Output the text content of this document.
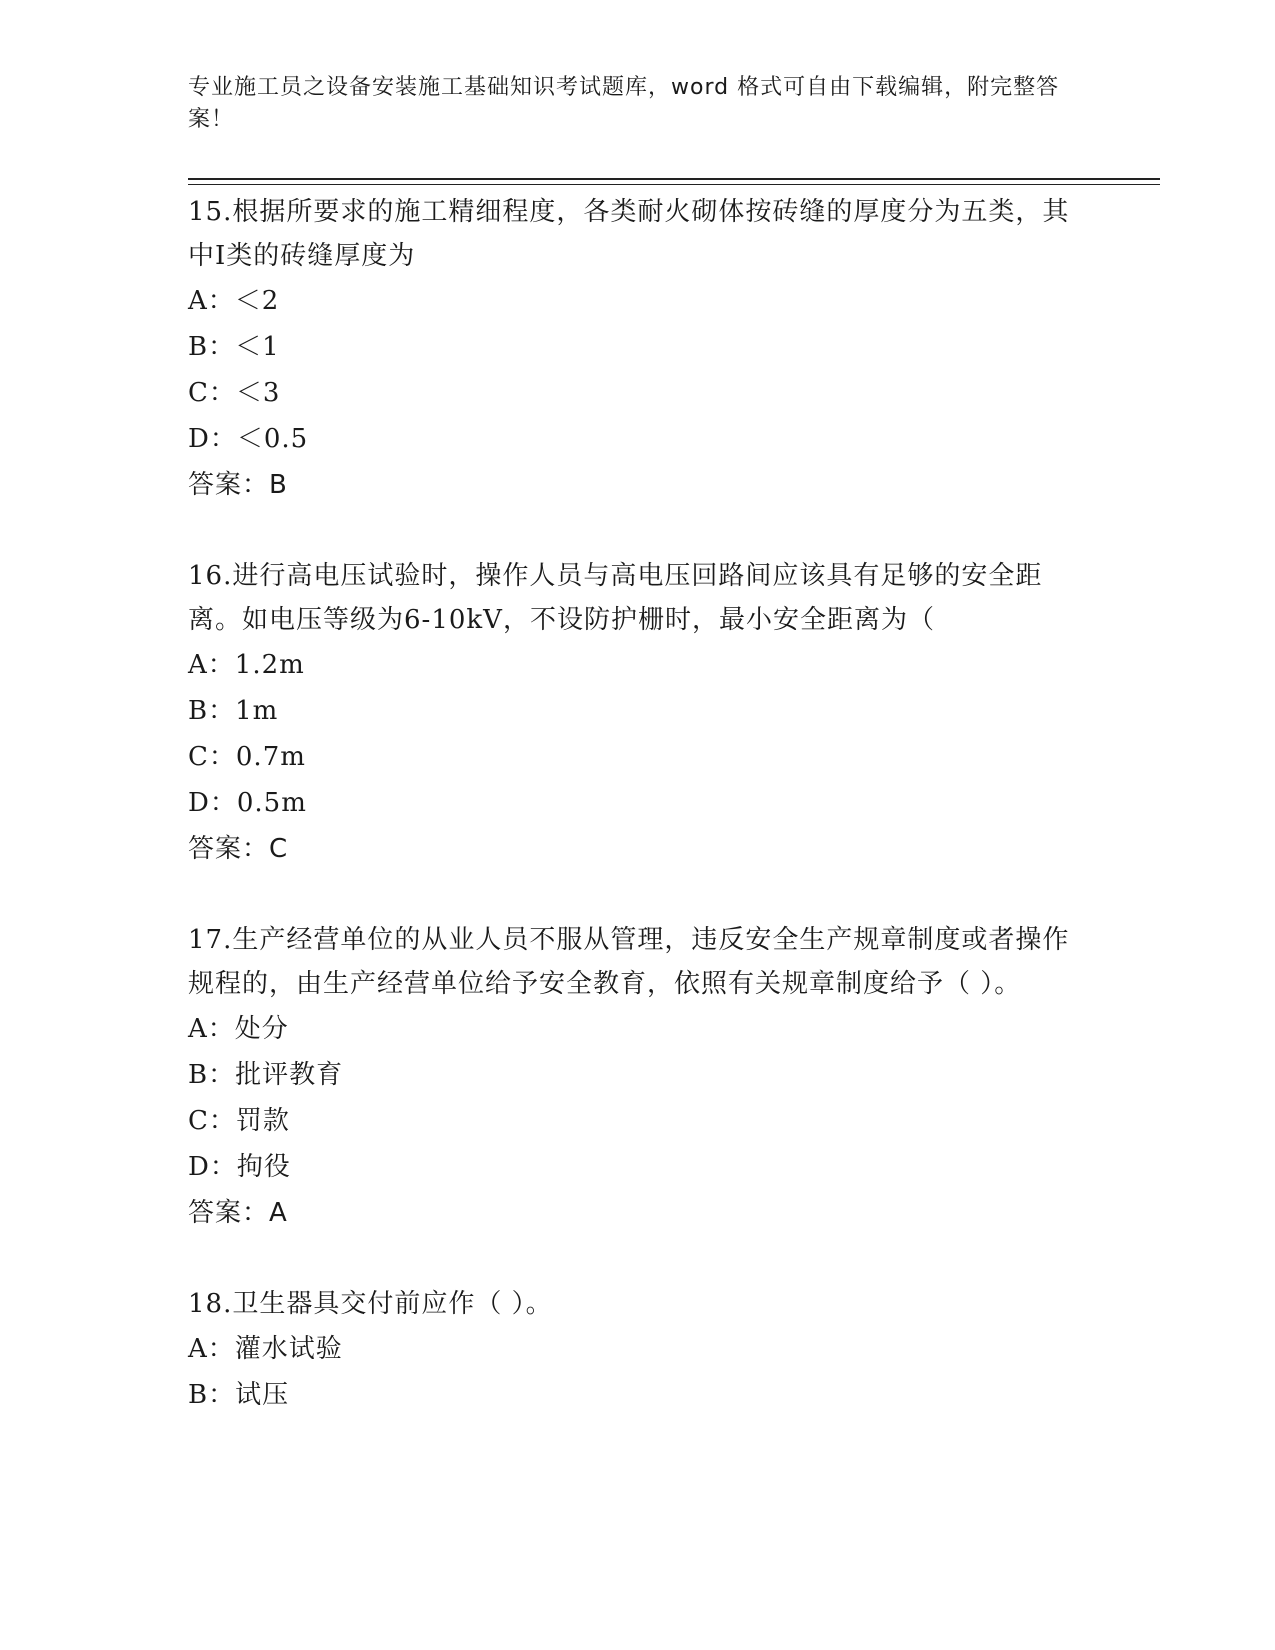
专业施工员之设备安装施工基础知识考试题库，word 格式可自由下载编辑，附完整答案！

15.根据所要求的施工精细程度，各类耐火砌体按砖缝的厚度分为五类，其中Ⅰ类的砖缝厚度为

A：＜2

B：＜1

C：＜3

D：＜0.5

答案：B

16.进行高电压试验时，操作人员与高电压回路间应该具有足够的安全距离。如电压等级为6-10kV，不设防护栅时，最小安全距离为（

A：1.2m

B：1m

C：0.7m

D：0.5m

答案：C

17.生产经营单位的从业人员不服从管理，违反安全生产规章制度或者操作规程的，由生产经营单位给予安全教育，依照有关规章制度给予（ ）。

A：处分

B：批评教育

C：罚款

D：拘役

答案：A

18.卫生器具交付前应作（ ）。

A：灌水试验

B：试压
